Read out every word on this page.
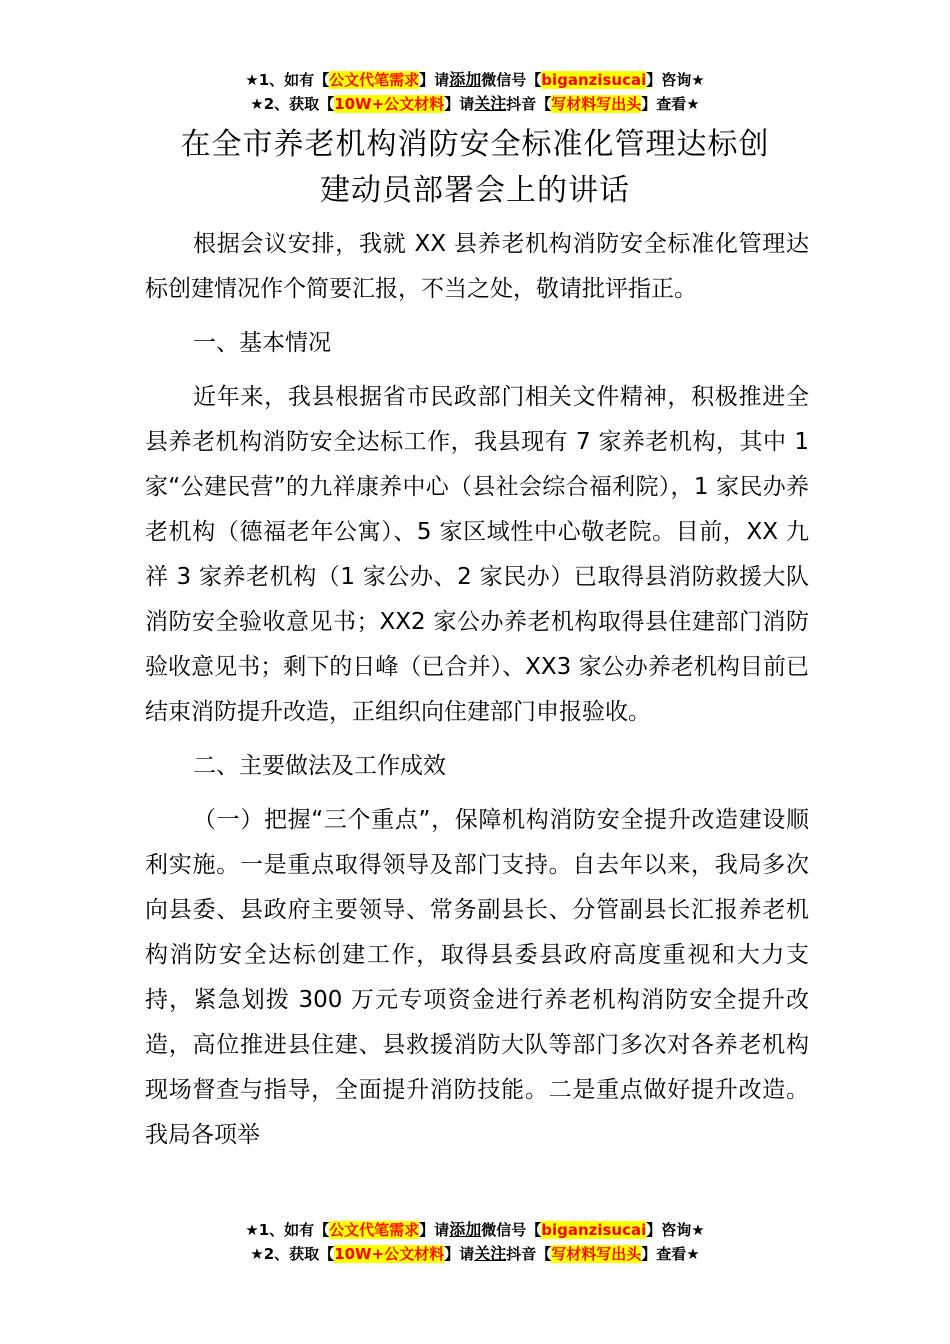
★1、如有【公文代笔需求】请添加微信号【biganzisucai】咨询★
★2、获取【10W+公文材料】请关注抖音【写材料写出头】查看★
在全市养老机构消防安全标准化管理达标创
建动员部署会上的讲话

根据会议安排，我就 XX 县养老机构消防安全标准化管理达标创建情况作个简要汇报，不当之处，敬请批评指正。

一、基本情况

近年来，我县根据省市民政部门相关文件精神，积极推进全县养老机构消防安全达标工作，我县现有 7 家养老机构，其中 1 家“公建民营”的九祥康养中心（县社会综合福利院），1 家民办养老机构（德福老年公寓）、5 家区域性中心敬老院。目前，XX 九祥 3 家养老机构（1 家公办、2 家民办）已取得县消防救援大队消防安全验收意见书；XX2 家公办养老机构取得县住建部门消防验收意见书；剩下的日峰（已合并）、XX3 家公办养老机构目前已结束消防提升改造，正组织向住建部门申报验收。

二、主要做法及工作成效

（一）把握“三个重点”，保障机构消防安全提升改造建设顺利实施。一是重点取得领导及部门支持。自去年以来，我局多次向县委、县政府主要领导、常务副县长、分管副县长汇报养老机构消防安全达标创建工作，取得县委县政府高度重视和大力支持，紧急划拨 300 万元专项资金进行养老机构消防安全提升改造，高位推进县住建、县救援消防大队等部门多次对各养老机构现场督查与指导，全面提升消防技能。二是重点做好提升改造。我局各项举

★1、如有【公文代笔需求】请添加微信号【biganzisucai】咨询★
★2、获取【10W+公文材料】请关注抖音【写材料写出头】查看★
